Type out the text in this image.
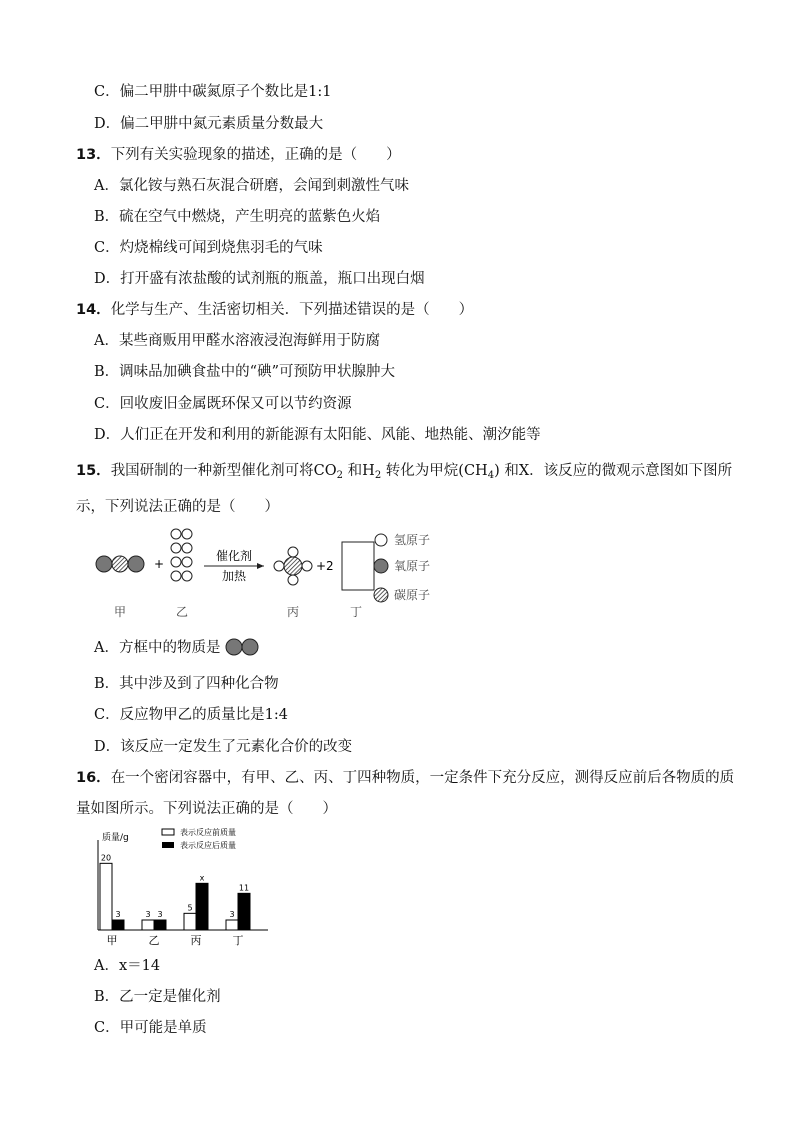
C．偏二甲肼中碳氮原子个数比是1:1
D．偏二甲肼中氮元素质量分数最大
13．下列有关实验现象的描述，正确的是（　　）
A．氯化铵与熟石灰混合研磨，会闻到刺激性气味
B．硫在空气中燃烧，产生明亮的蓝紫色火焰
C．灼烧棉线可闻到烧焦羽毛的气味
D．打开盛有浓盐酸的试剂瓶的瓶盖，瓶口出现白烟
14．化学与生产、生活密切相关．下列描述错误的是（　　）
A．某些商贩用甲醛水溶液浸泡海鲜用于防腐
B．调味品加碘食盐中的“碘”可预防甲状腺肿大
C．回收废旧金属既环保又可以节约资源
D．人们正在开发和利用的新能源有太阳能、风能、地热能、潮汐能等
15．我国研制的一种新型催化剂可将$CO_2$ 和$H_2$ 转化为甲烷$(CH_4)$ 和X．该反应的微观示意图如下图所
示，下列说法正确的是（　　）
+
催化剂
加热
+2
氢原子
氧原子
碳原子
甲	乙	丙	丁
A．方框中的物质是
B．其中涉及到了四种化合物
C．反应物甲乙的质量比是1:4
D．该反应一定发生了元素化合价的改变
16．在一个密闭容器中，有甲、乙、丙、丁四种物质，一定条件下充分反应，测得反应前后各物质的质
量如图所示。下列说法正确的是（　　）
质量/g
表示反应前质量
表示反应后质量
20
3
甲
3 3
乙
5
x
丙
3
11
丁
A．x＝14
B．乙一定是催化剂
C．甲可能是单质
